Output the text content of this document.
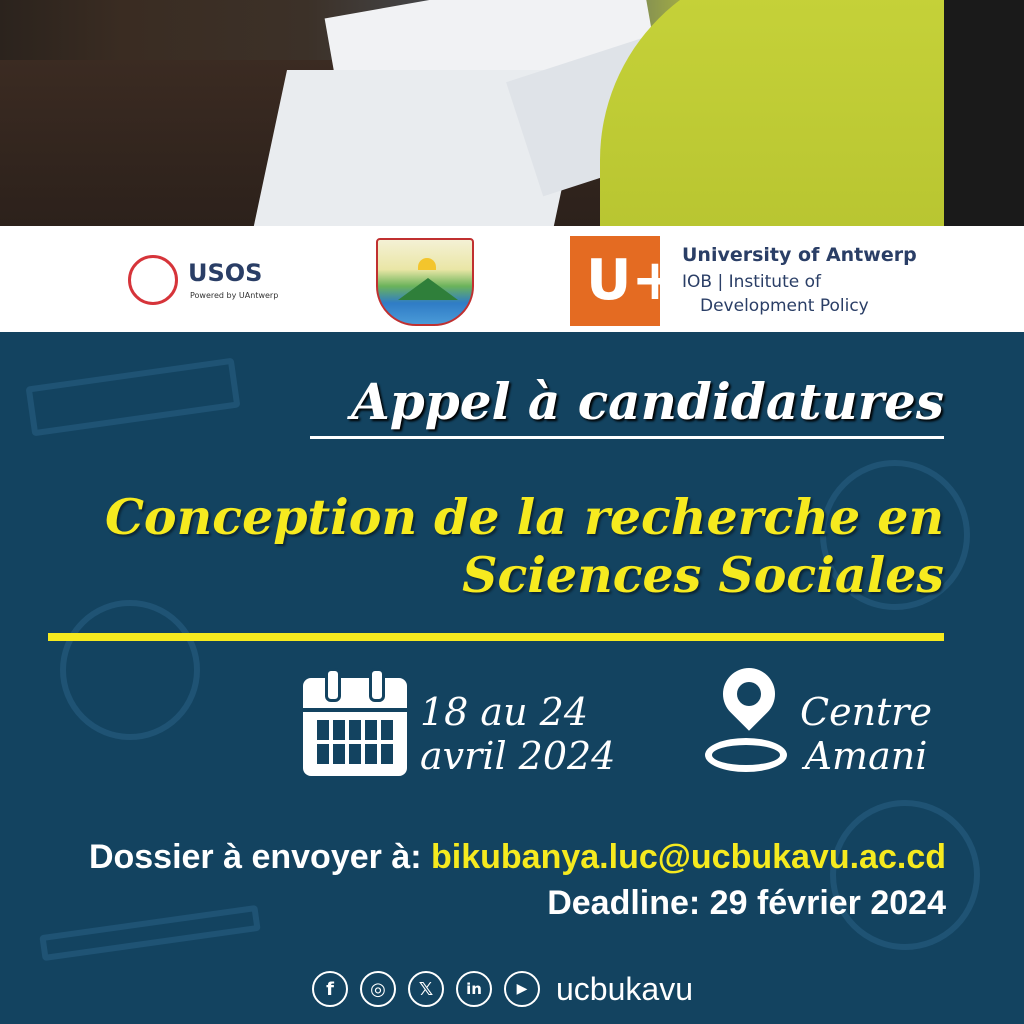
USOS
Powered by UAntwerp	U+ University of Antwerp
IOB | Institute of
Development Policy
Appel à candidatures
Conception de la recherche en
Sciences Sociales
18 au 24
avril 2024
Centre
Amani
Dossier à envoyer à: bikubanya.luc@ucbukavu.ac.cd
Deadline: 29 février 2024
f	◎	𝕏	in	▶ ucbukavu
